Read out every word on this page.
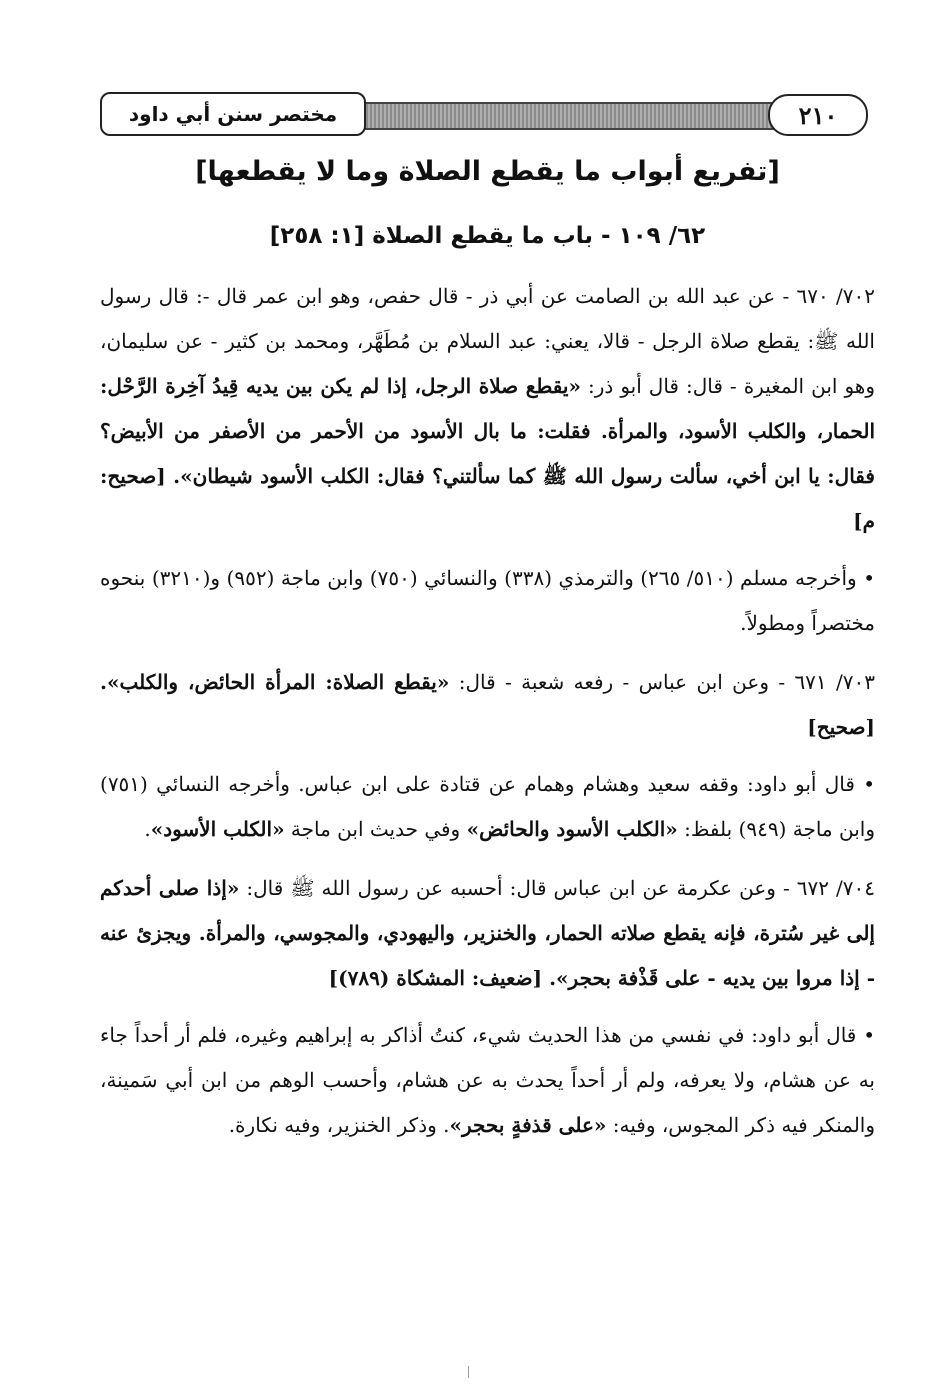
مختصر سنن أبي داود	٢١٠
[تفريع أبواب ما يقطع الصلاة وما لا يقطعها]
٦٢/ ١٠٩ - باب ما يقطع الصلاة [١: ٢٥٨]

٧٠٢/ ٦٧٠ - عن عبد الله بن الصامت عن أبي ذر - قال حفص، وهو ابن عمر قال -: قال رسول الله ﷺ: يقطع صلاة الرجل - قالا، يعني: عبد السلام بن مُطَهَّر، ومحمد بن كثير - عن سليمان، وهو ابن المغيرة - قال: قال أبو ذر: «يقطع صلاة الرجل، إذا لم يكن بين يديه قِيدُ آخِرة الرَّحْل: الحمار، والكلب الأسود، والمرأة. فقلت: ما بال الأسود من الأحمر من الأصفر من الأبيض؟ فقال: يا ابن أخي، سألت رسول الله ﷺ كما سألتني؟ فقال: الكلب الأسود شيطان». [صحيح: م]

• وأخرجه مسلم (٥١٠/ ٢٦٥) والترمذي (٣٣٨) والنسائي (٧٥٠) وابن ماجة (٩٥٢) و(٣٢١٠) بنحوه مختصراً ومطولاً.

٧٠٣/ ٦٧١ - وعن ابن عباس - رفعه شعبة - قال: «يقطع الصلاة: المرأة الحائض، والكلب». [صحيح]

• قال أبو داود: وقفه سعيد وهشام وهمام عن قتادة على ابن عباس. وأخرجه النسائي (٧٥١) وابن ماجة (٩٤٩) بلفظ: «الكلب الأسود والحائض» وفي حديث ابن ماجة «الكلب الأسود».

٧٠٤/ ٦٧٢ - وعن عكرمة عن ابن عباس قال: أحسبه عن رسول الله ﷺ قال: «إذا صلى أحدكم إلى غير سُترة، فإنه يقطع صلاته الحمار، والخنزير، واليهودي، والمجوسي، والمرأة. ويجزئ عنه - إذا مروا بين يديه - على قَذْفة بحجر». [ضعيف: المشكاة (٧٨٩)]

• قال أبو داود: في نفسي من هذا الحديث شيء، كنتُ أذاكر به إبراهيم وغيره، فلم أر أحداً جاء به عن هشام، ولا يعرفه، ولم أر أحداً يحدث به عن هشام، وأحسب الوهم من ابن أبي سَمينة، والمنكر فيه ذكر المجوس، وفيه: «على قذفةٍ بحجر». وذكر الخنزير، وفيه نكارة.
